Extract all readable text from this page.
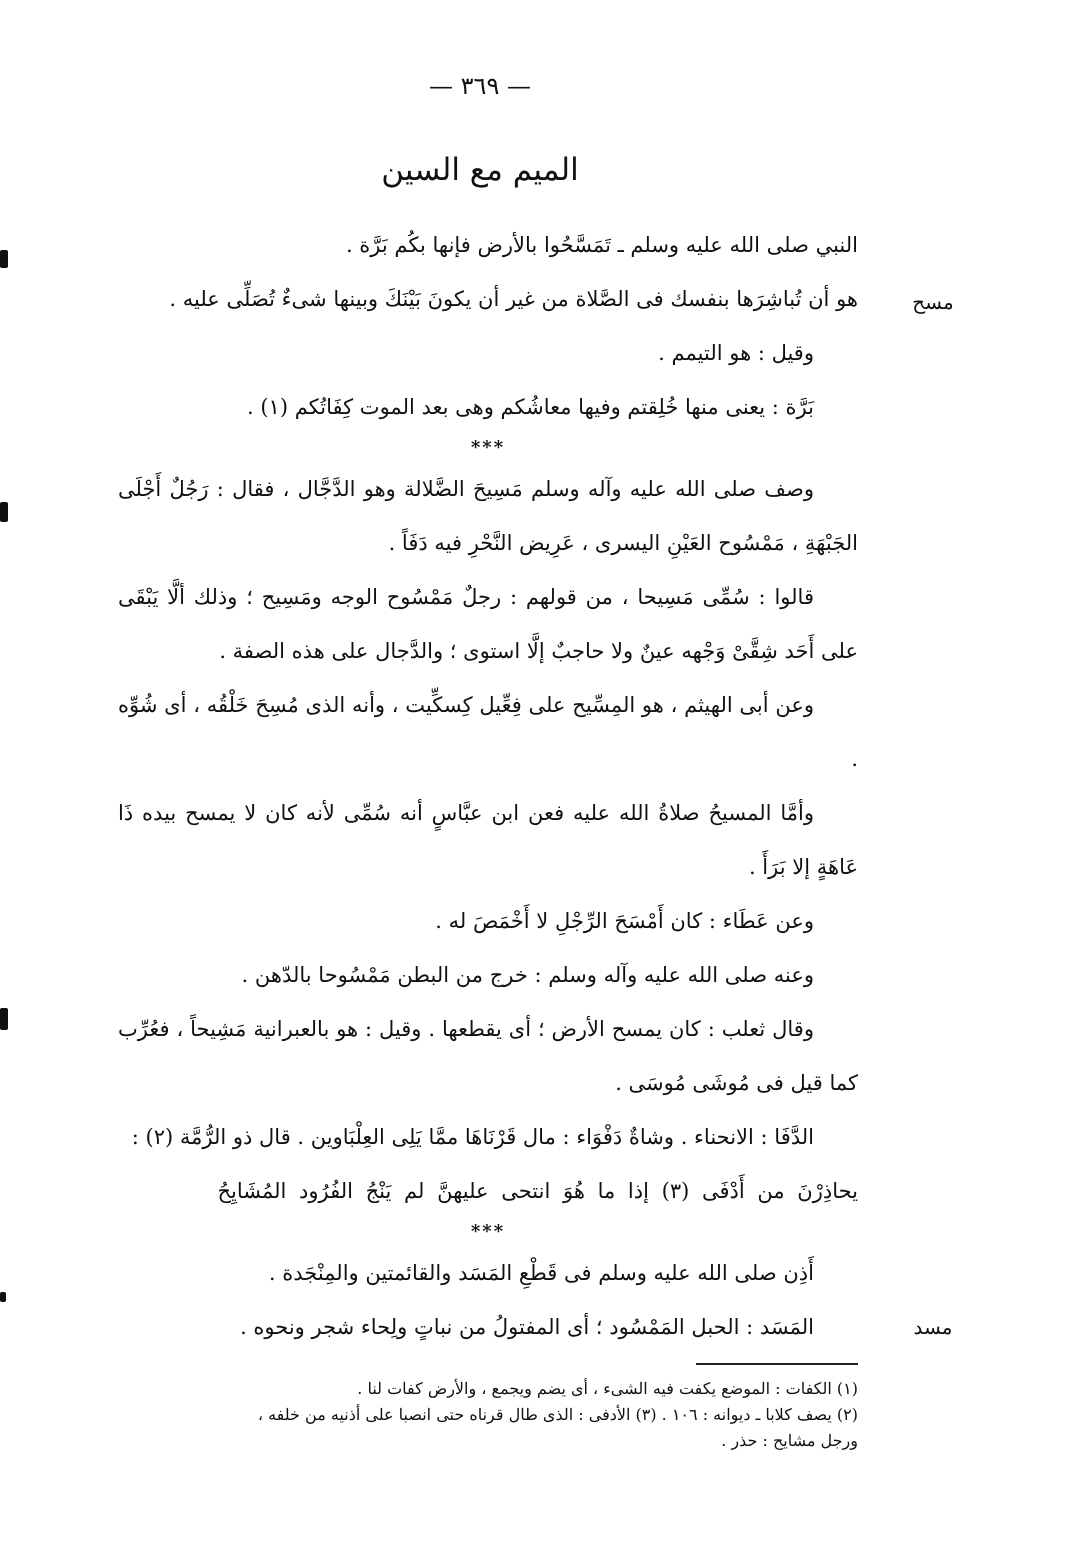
— ٣٦٩ —
الميم مع السين
مسح
مسد

النبي صلى الله عليه وسلم ـ تَمَسَّحُوا بالأرض فإنها بكُم بَرَّة .

هو أن تُباشِرَها بنفسك فى الصَّلاة من غير أن يكونَ بَيْنَكَ وبينها شىءٌ تُصَلِّى عليه .

وقيل : هو التيمم .

بَرَّة : يعنى منها خُلِقتم وفيها معاشُكم وهى بعد الموت كِفَاتُكم (١) .

***

وصف صلى الله عليه وآله وسلم مَسِيحَ الضَّلالة وهو الدَّجَّال ، فقال : رَجُلٌ أَجْلَى الجَبْهَةِ ، مَمْسُوح العَيْنِ اليسرى ، عَرِيض النَّحْرِ فيه دَفَاً .

قالوا : سُمِّى مَسِيحا ، من قولهم : رجلٌ مَمْسُوح الوجه ومَسِيح ؛ وذلك ألَّا يَبْقَى على أَحَد شِقَّىْ وَجْهه عينٌ ولا حاجبٌ إلَّا استوى ؛ والدَّجال على هذه الصفة .

وعن أبى الهيثم ، هو المِسِّيح على فِعِّيل كِسكِّيت ، وأنه الذى مُسِحَ خَلْقُه ، أى شُوِّه .

وأمَّا المسيحُ صلاةُ الله عليه فعن ابن عبَّاسٍ أنه سُمِّى لأنه كان لا يمسح بيده ذَا عَاهَةٍ إلا بَرَأَ .

وعن عَطَاء : كان أَمْسَحَ الرِّجْلِ لا أَخْمَصَ له .

وعنه صلى الله عليه وآله وسلم : خرج من البطن مَمْسُوحا بالدّهن .

وقال ثعلب : كان يمسح الأرض ؛ أى يقطعها . وقيل : هو بالعبرانية مَشِيحاً ، فعُرِّب كما قيل فى مُوشَى مُوسَى .

الدَّفَا : الانحناء . وشاةٌ دَفْوَاء : مال قَرْنَاهَا ممَّا يَلِى العِلْبَاوين . قال ذو الرُّمَّة (٢) :

يحاذِرْنَ من أَدْفَى (٣) إذا ما هُوَ انتحى عليهنَّ لم يَنْجُ الفُرُود المُشَايِحُ

***

أَذِن صلى الله عليه وسلم فى قَطْعِ المَسَد والقائمتين والمِنْجَدة .

المَسَد : الحبل المَمْسُود ؛ أى المفتولُ من نباتٍ ولِحاء شجر ونحوه .

(١) الكفات : الموضع يكفت فيه الشىء ، أى يضم ويجمع ، والأرض كفات لنا .

(٢) يصف كلابا ـ ديوانه : ١٠٦ . (٣) الأدفى : الذى طال قرناه حتى انصبا على أذنيه من خلفه ،

ورجل مشايح : حذر .
